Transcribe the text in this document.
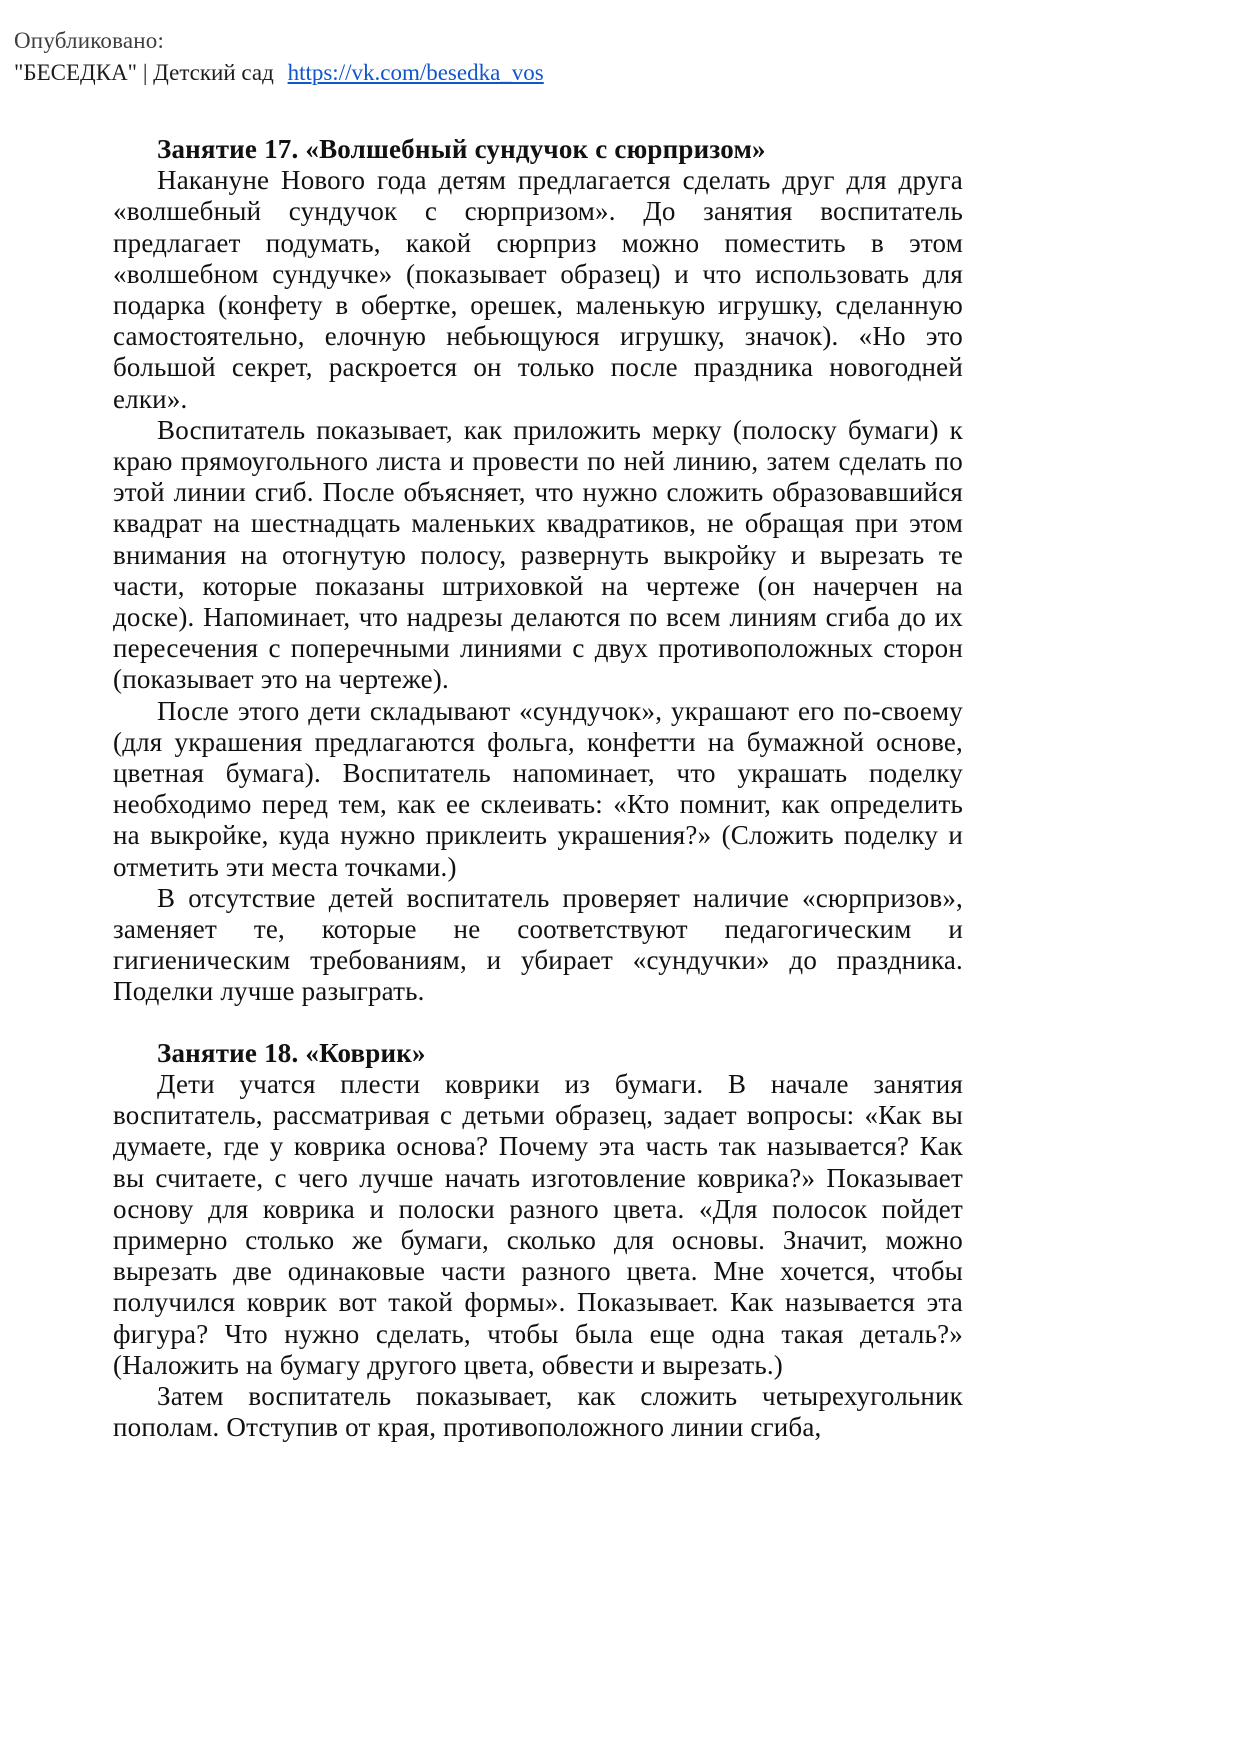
Опубликовано:
"БЕСЕДКА" | Детский сад https://vk.com/besedka_vos
Занятие 17. «Волшебный сундучок с сюрпризом»

Накануне Нового года детям предлагается сделать друг для друга «волшебный сундучок с сюрпризом». До занятия воспитатель предлагает подумать, какой сюрприз можно поместить в этом «волшебном сундучке» (показывает образец) и что использовать для подарка (конфету в обертке, орешек, маленькую игрушку, сделанную самостоятельно, елочную небьющуюся игрушку, значок). «Но это большой секрет, раскроется он только после праздника новогодней елки».

Воспитатель показывает, как приложить мерку (полоску бумаги) к краю прямоугольного листа и провести по ней линию, затем сделать по этой линии сгиб. После объясняет, что нужно сложить образовавшийся квадрат на шестнадцать маленьких квадратиков, не обращая при этом внимания на отогнутую полосу, развернуть выкройку и вырезать те части, которые показаны штриховкой на чертеже (он начерчен на доске). Напоминает, что надрезы делаются по всем линиям сгиба до их пересечения с поперечными линиями с двух противоположных сторон (показывает это на чертеже).

После этого дети складывают «сундучок», украшают его по-своему (для украшения предлагаются фольга, конфетти на бумажной основе, цветная бумага). Воспитатель напоминает, что украшать поделку необходимо перед тем, как ее склеивать: «Кто помнит, как определить на выкройке, куда нужно приклеить украшения?» (Сложить поделку и отметить эти места точками.)

В отсутствие детей воспитатель проверяет наличие «сюрпризов», заменяет те, которые не соответствуют педагогическим и гигиеническим требованиям, и убирает «сундучки» до праздника. Поделки лучше разыграть.

Занятие 18. «Коврик»

Дети учатся плести коврики из бумаги. В начале занятия воспитатель, рассматривая с детьми образец, задает вопросы: «Как вы думаете, где у коврика основа? Почему эта часть так называется? Как вы считаете, с чего лучше начать изготовление коврика?» Показывает основу для коврика и полоски разного цвета. «Для полосок пойдет примерно столько же бумаги, сколько для основы. Значит, можно вырезать две одинаковые части разного цвета. Мне хочется, чтобы получился коврик вот такой формы». Показывает. Как называется эта фигура? Что нужно сделать, чтобы была еще одна такая деталь?» (Наложить на бумагу другого цвета, обвести и вырезать.)

Затем воспитатель показывает, как сложить четырехугольник пополам. Отступив от края, противоположного линии сгиба,
